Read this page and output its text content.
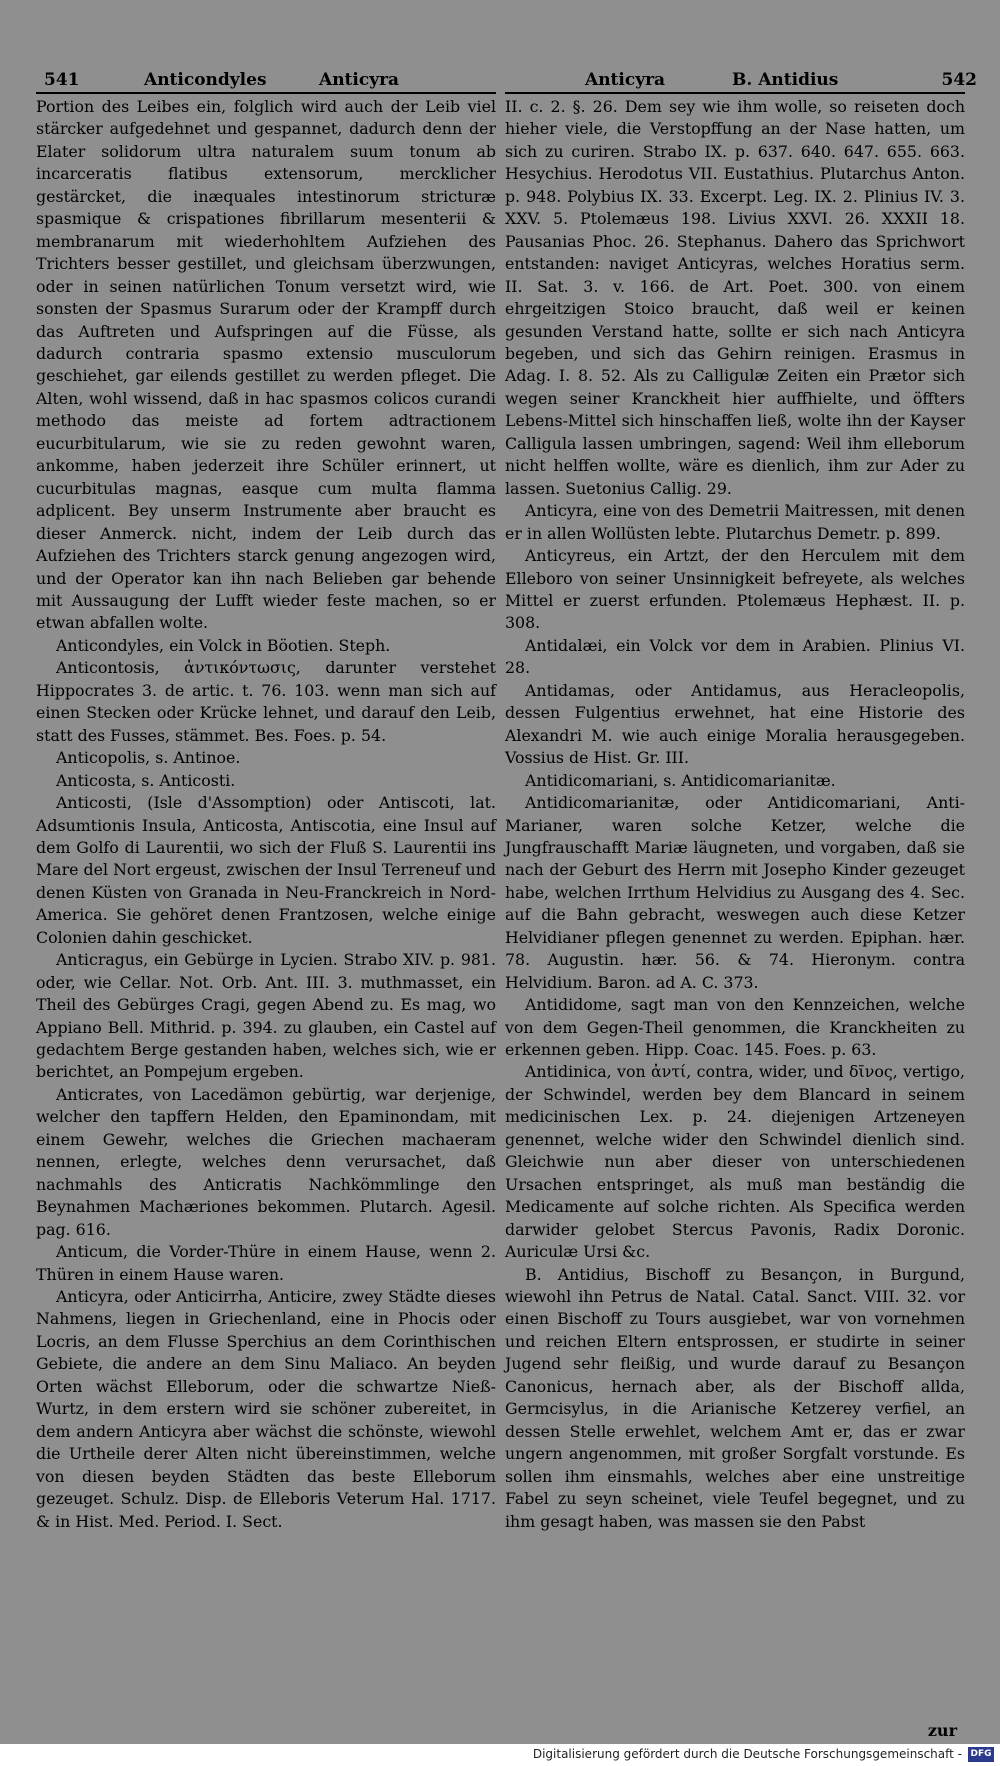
541	Anticondyles	Anticyra

Portion des Leibes ein, folglich wird auch der Leib viel stärcker aufgedehnet und gespannet, dadurch denn der Elater solidorum ultra naturalem suum tonum ab incarceratis flatibus extensorum, mercklicher gestärcket, die inæquales intestinorum stricturæ spasmique & crispationes fibrillarum mesenterii & membranarum mit wiederhohltem Aufziehen des Trichters besser gestillet, und gleichsam überzwungen, oder in seinen natürlichen Tonum versetzt wird, wie sonsten der Spasmus Surarum oder der Krampff durch das Auftreten und Aufspringen auf die Füsse, als dadurch contraria spasmo extensio musculorum geschiehet, gar eilends gestillet zu werden pfleget. Die Alten, wohl wissend, daß in hac spasmos colicos curandi methodo das meiste ad fortem adtractionem eucurbitularum, wie sie zu reden gewohnt waren, ankomme, haben jederzeit ihre Schüler erinnert, ut cucurbitulas magnas, easque cum multa flamma adplicent. Bey unserm Instrumente aber braucht es dieser Anmerck. nicht, indem der Leib durch das Aufziehen des Trichters starck genung angezogen wird, und der Operator kan ihn nach Belieben gar behende mit Aussaugung der Lufft wieder feste machen, so er etwan abfallen wolte.

Anticondyles, ein Volck in Böotien. Steph.

Anticontosis, ἀντικόντωσις, darunter verstehet Hippocrates 3. de artic. t. 76. 103. wenn man sich auf einen Stecken oder Krücke lehnet, und darauf den Leib, statt des Fusses, stämmet. Bes. Foes. p. 54.

Anticopolis, s. Antinoe.

Anticosta, s. Anticosti.

Anticosti, (Isle d'Assomption) oder Antiscoti, lat. Adsumtionis Insula, Anticosta, Antiscotia, eine Insul auf dem Golfo di Laurentii, wo sich der Fluß S. Laurentii ins Mare del Nort ergeust, zwischen der Insul Terreneuf und denen Küsten von Granada in Neu-Franckreich in Nord-America. Sie gehöret denen Frantzosen, welche einige Colonien dahin geschicket.

Anticragus, ein Gebürge in Lycien. Strabo XIV. p. 981. oder, wie Cellar. Not. Orb. Ant. III. 3. muthmasset, ein Theil des Gebürges Cragi, gegen Abend zu. Es mag, wo Appiano Bell. Mithrid. p. 394. zu glauben, ein Castel auf gedachtem Berge gestanden haben, welches sich, wie er berichtet, an Pompejum ergeben.

Anticrates, von Lacedämon gebürtig, war derjenige, welcher den tapffern Helden, den Epaminondam, mit einem Gewehr, welches die Griechen machaeram nennen, erlegte, welches denn verursachet, daß nachmahls des Anticratis Nachkömmlinge den Beynahmen Machæriones bekommen. Plutarch. Agesil. pag. 616.

Anticum, die Vorder-Thüre in einem Hause, wenn 2. Thüren in einem Hause waren.

Anticyra, oder Anticirrha, Anticire, zwey Städte dieses Nahmens, liegen in Griechenland, eine in Phocis oder Locris, an dem Flusse Sperchius an dem Corinthischen Gebiete, die andere an dem Sinu Maliaco. An beyden Orten wächst Elleborum, oder die schwartze Nieß-Wurtz, in dem erstern wird sie schöner zubereitet, in dem andern Anticyra aber wächst die schönste, wiewohl die Urtheile derer Alten nicht übereinstimmen, welche von diesen beyden Städten das beste Elleborum gezeuget. Schulz. Disp. de Elleboris Veterum Hal. 1717. & in Hist. Med. Period. I. Sect.

Anticyra	B. Antidius	542

II. c. 2. §. 26. Dem sey wie ihm wolle, so reiseten doch hieher viele, die Verstopffung an der Nase hatten, um sich zu curiren. Strabo IX. p. 637. 640. 647. 655. 663. Hesychius. Herodotus VII. Eustathius. Plutarchus Anton. p. 948. Polybius IX. 33. Excerpt. Leg. IX. 2. Plinius IV. 3. XXV. 5. Ptolemæus 198. Livius XXVI. 26. XXXII 18. Pausanias Phoc. 26. Stephanus. Dahero das Sprichwort entstanden: naviget Anticyras, welches Horatius serm. II. Sat. 3. v. 166. de Art. Poet. 300. von einem ehrgeitzigen Stoico braucht, daß weil er keinen gesunden Verstand hatte, sollte er sich nach Anticyra begeben, und sich das Gehirn reinigen. Erasmus in Adag. I. 8. 52. Als zu Calligulæ Zeiten ein Prætor sich wegen seiner Kranckheit hier auffhielte, und öffters Lebens-Mittel sich hinschaffen ließ, wolte ihn der Kayser Calligula lassen umbringen, sagend: Weil ihm elleborum nicht helffen wollte, wäre es dienlich, ihm zur Ader zu lassen. Suetonius Callig. 29.

Anticyra, eine von des Demetrii Maitressen, mit denen er in allen Wollüsten lebte. Plutarchus Demetr. p. 899.

Anticyreus, ein Artzt, der den Herculem mit dem Elleboro von seiner Unsinnigkeit befreyete, als welches Mittel er zuerst erfunden. Ptolemæus Hephæst. II. p. 308.

Antidalæi, ein Volck vor dem in Arabien. Plinius VI. 28.

Antidamas, oder Antidamus, aus Heracleopolis, dessen Fulgentius erwehnet, hat eine Historie des Alexandri M. wie auch einige Moralia herausgegeben. Vossius de Hist. Gr. III.

Antidicomariani, s. Antidicomarianitæ.

Antidicomarianitæ, oder Antidicomariani, Anti-Marianer, waren solche Ketzer, welche die Jungfrauschafft Mariæ läugneten, und vorgaben, daß sie nach der Geburt des Herrn mit Josepho Kinder gezeuget habe, welchen Irrthum Helvidius zu Ausgang des 4. Sec. auf die Bahn gebracht, weswegen auch diese Ketzer Helvidianer pflegen genennet zu werden. Epiphan. hær. 78. Augustin. hær. 56. & 74. Hieronym. contra Helvidium. Baron. ad A. C. 373.

Antididome, sagt man von den Kennzeichen, welche von dem Gegen-Theil genommen, die Kranckheiten zu erkennen geben. Hipp. Coac. 145. Foes. p. 63.

Antidinica, von ἀντί, contra, wider, und δῖνος, vertigo, der Schwindel, werden bey dem Blancard in seinem medicinischen Lex. p. 24. diejenigen Artzeneyen genennet, welche wider den Schwindel dienlich sind. Gleichwie nun aber dieser von unterschiedenen Ursachen entspringet, als muß man beständig die Medicamente auf solche richten. Als Specifica werden darwider gelobet Stercus Pavonis, Radix Doronic. Auriculæ Ursi &c.

B. Antidius, Bischoff zu Besançon, in Burgund, wiewohl ihn Petrus de Natal. Catal. Sanct. VIII. 32. vor einen Bischoff zu Tours ausgiebet, war von vornehmen und reichen Eltern entsprossen, er studirte in seiner Jugend sehr fleißig, und wurde darauf zu Besançon Canonicus, hernach aber, als der Bischoff allda, Germcisylus, in die Arianische Ketzerey verfiel, an dessen Stelle erwehlet, welchem Amt er, das er zwar ungern angenommen, mit großer Sorgfalt vorstunde. Es sollen ihm einsmahls, welches aber eine unstreitige Fabel zu seyn scheinet, viele Teufel begegnet, und zu ihm gesagt haben, was massen sie den Pabst

zur
Digitalisierung gefördert durch die Deutsche Forschungsgemeinschaft - DFG
